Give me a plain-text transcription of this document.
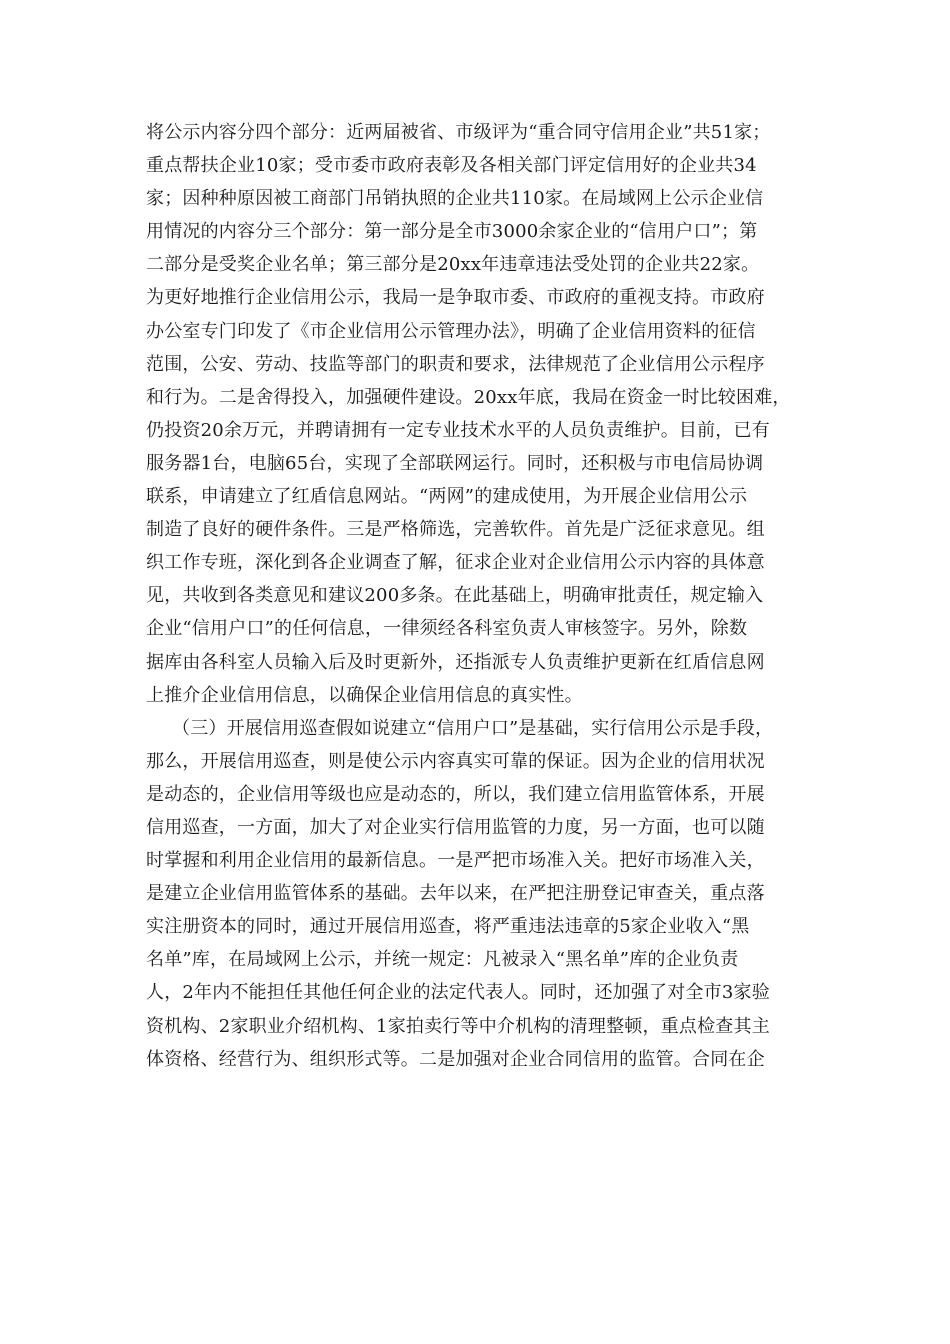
将公示内容分四个部分：近两届被省、市级评为“重合同守信用企业”共51家；
重点帮扶企业10家；受市委市政府表彰及各相关部门评定信用好的企业共34
家；因种种原因被工商部门吊销执照的企业共110家。在局域网上公示企业信
用情况的内容分三个部分：第一部分是全市3000余家企业的“信用户口”；第
二部分是受奖企业名单；第三部分是20xx年违章违法受处罚的企业共22家。
为更好地推行企业信用公示，我局一是争取市委、市政府的重视支持。市政府
办公室专门印发了《市企业信用公示管理办法》，明确了企业信用资料的征信
范围，公安、劳动、技监等部门的职责和要求，法律规范了企业信用公示程序
和行为。二是舍得投入，加强硬件建设。20xx年底，我局在资金一时比较困难，
仍投资20余万元，并聘请拥有一定专业技术水平的人员负责维护。目前，已有
服务器1台，电脑65台，实现了全部联网运行。同时，还积极与市电信局协调
联系，申请建立了红盾信息网站。“两网”的建成使用，为开展企业信用公示
制造了良好的硬件条件。三是严格筛选，完善软件。首先是广泛征求意见。组
织工作专班，深化到各企业调查了解，征求企业对企业信用公示内容的具体意
见，共收到各类意见和建议200多条。在此基础上，明确审批责任，规定输入
企业“信用户口”的任何信息，一律须经各科室负责人审核签字。另外，除数
据库由各科室人员输入后及时更新外，还指派专人负责维护更新在红盾信息网
上推介企业信用信息，以确保企业信用信息的真实性。
（三）开展信用巡查假如说建立“信用户口”是基础，实行信用公示是手段，
那么，开展信用巡查，则是使公示内容真实可靠的保证。因为企业的信用状况
是动态的，企业信用等级也应是动态的，所以，我们建立信用监管体系，开展
信用巡查，一方面，加大了对企业实行信用监管的力度，另一方面，也可以随
时掌握和利用企业信用的最新信息。一是严把市场准入关。把好市场准入关，
是建立企业信用监管体系的基础。去年以来，在严把注册登记审查关，重点落
实注册资本的同时，通过开展信用巡查，将严重违法违章的5家企业收入“黑
名单”库，在局域网上公示，并统一规定：凡被录入“黑名单”库的企业负责
人，2年内不能担任其他任何企业的法定代表人。同时，还加强了对全市3家验
资机构、2家职业介绍机构、1家拍卖行等中介机构的清理整顿，重点检查其主
体资格、经营行为、组织形式等。二是加强对企业合同信用的监管。合同在企
